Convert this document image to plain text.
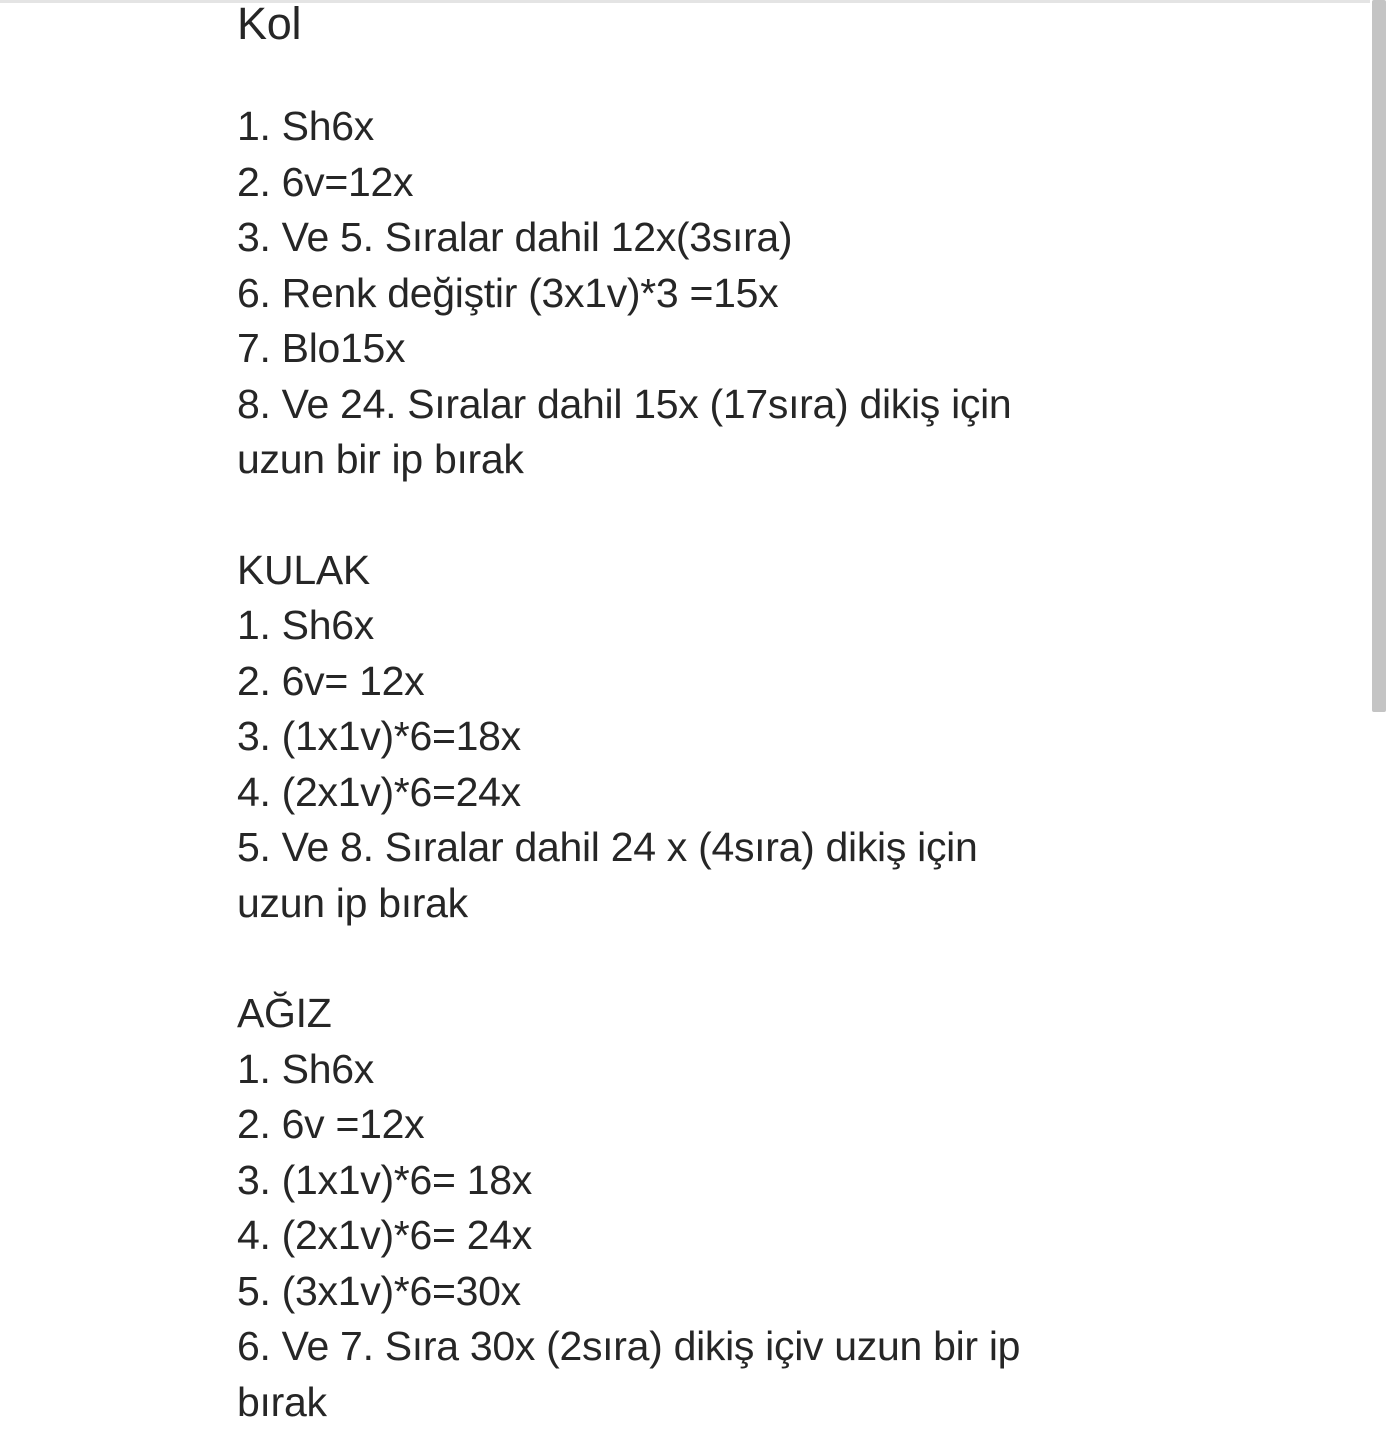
Kol
1. Sh6x
2. 6v=12x
3. Ve 5. Sıralar dahil 12x(3sıra)
6. Renk değiştir (3x1v)*3 =15x
7. Blo15x
8. Ve 24. Sıralar dahil 15x (17sıra) dikiş için
uzun bir ip bırak
KULAK
1. Sh6x
2. 6v= 12x
3. (1x1v)*6=18x
4. (2x1v)*6=24x
5. Ve 8. Sıralar dahil 24 x (4sıra) dikiş için
uzun ip bırak
AĞIZ
1. Sh6x
2. 6v =12x
3. (1x1v)*6= 18x
4. (2x1v)*6= 24x
5. (3x1v)*6=30x
6. Ve 7. Sıra 30x (2sıra) dikiş içiv uzun bir ip
bırak
